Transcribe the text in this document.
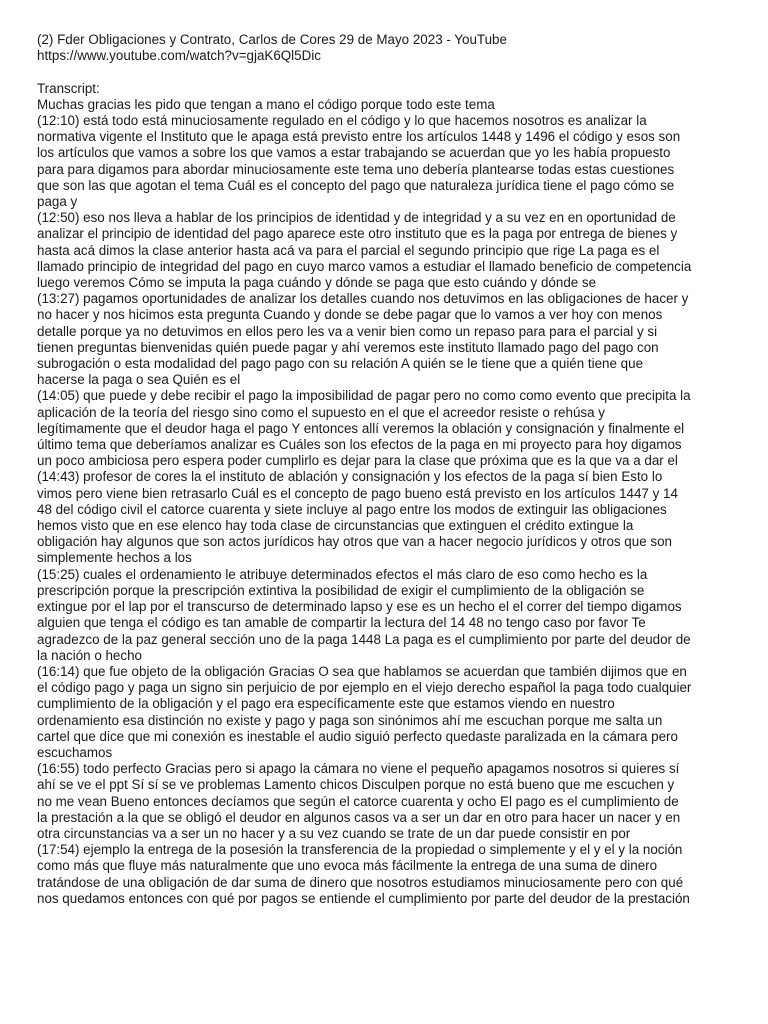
(2) Fder Obligaciones y Contrato, Carlos de Cores 29 de Mayo 2023 - YouTube
https://www.youtube.com/watch?v=gjaK6Ql5Dic
Transcript:
Muchas gracias les pido que tengan a mano el código porque todo este tema
(12:10) está todo está minuciosamente regulado en el código y lo que hacemos nosotros es analizar la
normativa vigente el Instituto que le apaga está previsto entre los artículos 1448 y 1496 el código y esos son
los artículos que vamos a sobre los que vamos a estar trabajando se acuerdan que yo les había propuesto
para para digamos para abordar minuciosamente este tema uno debería plantearse todas estas cuestiones
que son las que agotan el tema Cuál es el concepto del pago que naturaleza jurídica tiene el pago cómo se
paga y
(12:50) eso nos lleva a hablar de los principios de identidad y de integridad y a su vez en en oportunidad de
analizar el principio de identidad del pago aparece este otro instituto que es la paga por entrega de bienes y
hasta acá dimos la clase anterior hasta acá va para el parcial el segundo principio que rige La paga es el
llamado principio de integridad del pago en cuyo marco vamos a estudiar el llamado beneficio de competencia
luego veremos Cómo se imputa la paga cuándo y dónde se paga que esto cuándo y dónde se
(13:27) pagamos oportunidades de analizar los detalles cuando nos detuvimos en las obligaciones de hacer y
no hacer y nos hicimos esta pregunta Cuando y donde se debe pagar que lo vamos a ver hoy con menos
detalle porque ya no detuvimos en ellos pero les va a venir bien como un repaso para para el parcial y si
tienen preguntas bienvenidas quién puede pagar y ahí veremos este instituto llamado pago del pago con
subrogación o esta modalidad del pago pago con su relación A quién se le tiene que a quién tiene que
hacerse la paga o sea Quién es el
(14:05) que puede y debe recibir el pago la imposibilidad de pagar pero no como como evento que precipita la
aplicación de la teoría del riesgo sino como el supuesto en el que el acreedor resiste o rehúsa y
legítimamente que el deudor haga el pago Y entonces allí veremos la oblación y consignación y finalmente el
último tema que deberíamos analizar es Cuáles son los efectos de la paga en mi proyecto para hoy digamos
un poco ambiciosa pero espera poder cumplirlo es dejar para la clase que próxima que es la que va a dar el
(14:43) profesor de cores la el instituto de ablación y consignación y los efectos de la paga sí bien Esto lo
vimos pero viene bien retrasarlo Cuál es el concepto de pago bueno está previsto en los artículos 1447 y 14
48 del código civil el catorce cuarenta y siete incluye al pago entre los modos de extinguir las obligaciones
hemos visto que en ese elenco hay toda clase de circunstancias que extinguen el crédito extingue la
obligación hay algunos que son actos jurídicos hay otros que van a hacer negocio jurídicos y otros que son
simplemente hechos a los
(15:25) cuales el ordenamiento le atribuye determinados efectos el más claro de eso como hecho es la
prescripción porque la prescripción extintiva la posibilidad de exigir el cumplimiento de la obligación se
extingue por el lap por el transcurso de determinado lapso y ese es un hecho el el correr del tiempo digamos
alguien que tenga el código es tan amable de compartir la lectura del 14 48 no tengo caso por favor Te
agradezco de la paz general sección uno de la paga 1448 La paga es el cumplimiento por parte del deudor de
la nación o hecho
(16:14) que fue objeto de la obligación Gracias O sea que hablamos se acuerdan que también dijimos que en
el código pago y paga un signo sin perjuicio de por ejemplo en el viejo derecho español la paga todo cualquier
cumplimiento de la obligación y el pago era específicamente este que estamos viendo en nuestro
ordenamiento esa distinción no existe y pago y paga son sinónimos ahí me escuchan porque me salta un
cartel que dice que mi conexión es inestable el audio siguió perfecto quedaste paralizada en la cámara pero
escuchamos
(16:55) todo perfecto Gracias pero si apago la cámara no viene el pequeño apagamos nosotros si quieres sí
ahí se ve el ppt Sí sí se ve problemas Lamento chicos Disculpen porque no está bueno que me escuchen y
no me vean Bueno entonces decíamos que según el catorce cuarenta y ocho El pago es el cumplimiento de
la prestación a la que se obligó el deudor en algunos casos va a ser un dar en otro para hacer un nacer y en
otra circunstancias va a ser un no hacer y a su vez cuando se trate de un dar puede consistir en por
(17:54) ejemplo la entrega de la posesión la transferencia de la propiedad o simplemente y el y el y la noción
como más que fluye más naturalmente que uno evoca más fácilmente la entrega de una suma de dinero
tratándose de una obligación de dar suma de dinero que nosotros estudiamos minuciosamente pero con qué
nos quedamos entonces con qué por pagos se entiende el cumplimiento por parte del deudor de la prestación
